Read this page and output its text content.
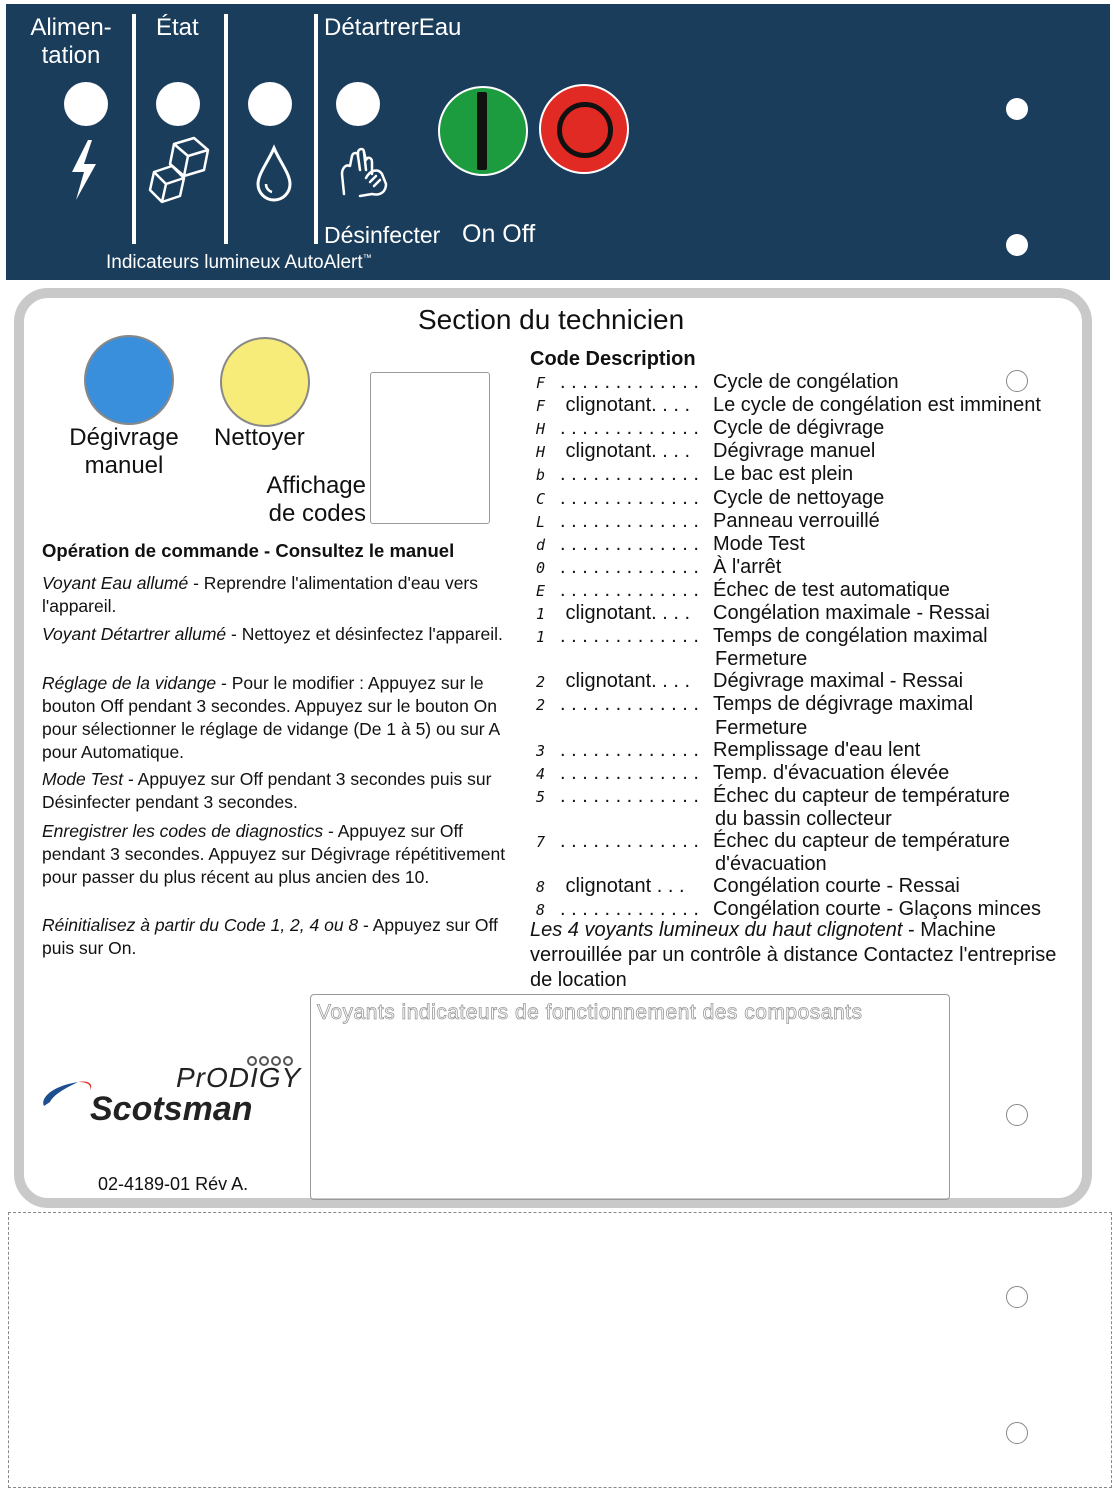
Alimen-
tation
État	DétartrerEau
Désinfecter On Off
Indicateurs lumineux AutoAlert™
Section du technicien
Dégivrage
manuel
Nettoyer
Affichage
de codes
Opération de commande - Consultez le manuel
Voyant Eau allumé - Reprendre l'alimentation d'eau vers l'appareil.
Voyant Détartrer allumé - Nettoyez et désinfectez l'appareil.
Réglage de la vidange - Pour le modifier : Appuyez sur le bouton Off pendant 3 secondes. Appuyez sur le bouton On pour sélectionner le réglage de vidange (De 1 à 5) ou sur A pour Automatique.
Mode Test - Appuyez sur Off pendant 3 secondes puis sur Désinfecter pendant 3 secondes.
Enregistrer les codes de diagnostics - Appuyez sur Off pendant 3 secondes. Appuyez sur Dégivrage répétitivement pour passer du plus récent au plus ancien des 10.
Réinitialisez à partir du Code 1, 2, 4 ou 8 - Appuyez sur Off puis sur On.
Code Description
F . . . . . . . . . . . . . Cycle de congélation
F clignotant. . . . Le cycle de congélation est imminent
H . . . . . . . . . . . . . Cycle de dégivrage
H clignotant. . . . Dégivrage manuel
b . . . . . . . . . . . . . Le bac est plein
C . . . . . . . . . . . . . Cycle de nettoyage
L . . . . . . . . . . . . . Panneau verrouillé
d . . . . . . . . . . . . . Mode Test
0 . . . . . . . . . . . . . À l'arrêt
E . . . . . . . . . . . . . Échec de test automatique
1 clignotant. . . . Congélation maximale - Ressai
1 . . . . . . . . . . . . . Temps de congélation maximal
Fermeture
2 clignotant. . . . Dégivrage maximal - Ressai
2 . . . . . . . . . . . . . Temps de dégivrage maximal
Fermeture
3 . . . . . . . . . . . . . Remplissage d'eau lent
4 . . . . . . . . . . . . . Temp. d'évacuation élevée
5 . . . . . . . . . . . . . Échec du capteur de température
du bassin collecteur
7 . . . . . . . . . . . . . Échec du capteur de température
d'évacuation
8 clignotant . . . Congélation courte - Ressai
8 . . . . . . . . . . . . . Congélation courte - Glaçons minces
Les 4 voyants lumineux du haut clignotent - Machine verrouillée par un contrôle à distance Contactez l'entreprise de location
Voyants indicateurs de fonctionnement des composants
PrODIGY
Scotsman
02-4189-01 Rév A.
